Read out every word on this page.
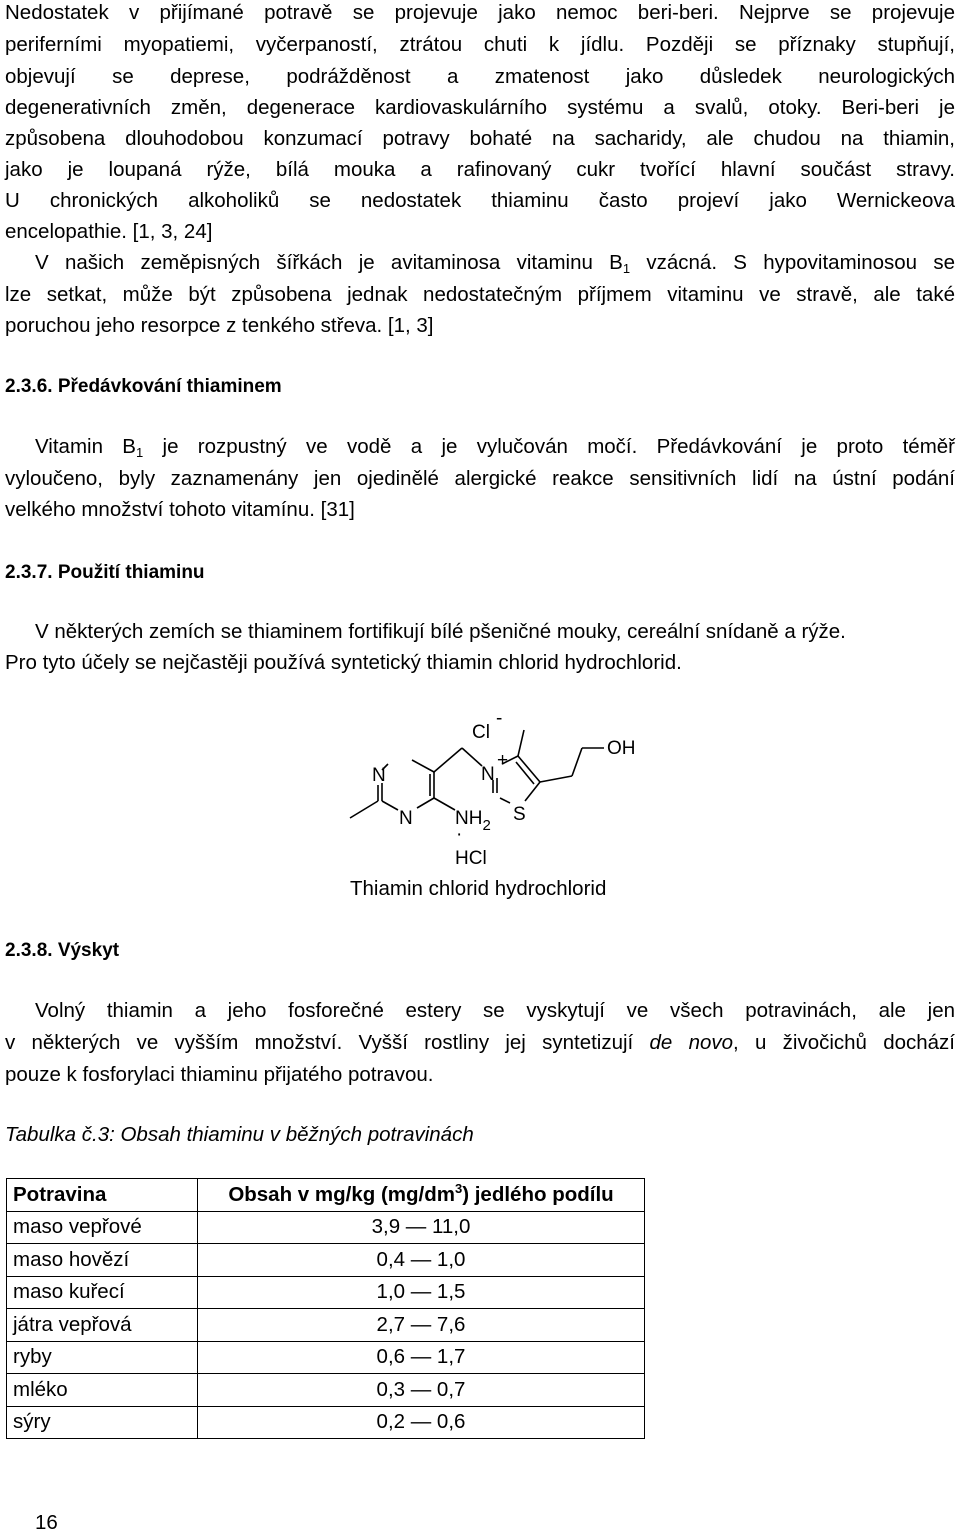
Nedostatek v přijímané potravě se projevuje jako nemoc beri-beri. Nejprve se projevuje
periferními myopatiemi, vyčerpaností, ztrátou chuti k jídlu. Později se příznaky stupňují,
objevují se deprese, podrážděnost a zmatenost jako důsledek neurologických
degenerativních změn, degenerace kardiovaskulárního systému a svalů, otoky. Beri-beri je
způsobena dlouhodobou konzumací potravy bohaté na sacharidy, ale chudou na thiamin,
jako je loupaná rýže, bílá mouka a rafinovaný cukr tvořící hlavní součást stravy.
U chronických alkoholiků se nedostatek thiaminu často projeví jako Wernickeova
encelopathie. [1, 3, 24]
V našich zeměpisných šířkách je avitaminosa vitaminu $B_1$ vzácná. S hypovitaminosou se
lze setkat, může být způsobena jednak nedostatečným příjmem vitaminu ve stravě, ale také
poruchou jeho resorpce z tenkého střeva. [1, 3]
2.3.6. Předávkování thiaminem
Vitamin $B_1$ je rozpustný ve vodě a je vylučován močí. Předávkování je proto téměř
vyloučeno, byly zaznamenány jen ojedinělé alergické reakce sensitivních lidí na ústní podání
velkého množství tohoto vitamínu. [31]
2.3.7. Použití thiaminu
V některých zemích se thiaminem fortifikují bílé pšeničné mouky, cereální snídaně a rýže.
Pro tyto účely se nejčastěji používá syntetický thiamin chlorid hydrochlorid.
Cl
-
+
N
N
N
S
OH
$NH_2$
·
HCl
Thiamin chlorid hydrochlorid
2.3.8. Výskyt
Volný thiamin a jeho fosforečné estery se vyskytují ve všech potravinách, ale jen
v některých ve vyšším množství. Vyšší rostliny jej syntetizují de novo, u živočichů dochází
pouze k fosforylaci thiaminu přijatého potravou.
Tabulka č.3: Obsah thiaminu v běžných potravinách
Potravina	Obsah v mg/kg $(mg/dm^3)$ jedlého podílu
maso vepřové	3,9 — 11,0
maso hovězí	0,4 — 1,0
maso kuřecí	1,0 — 1,5
játra vepřová	2,7 — 7,6
ryby	0,6 — 1,7
mléko	0,3 — 0,7
sýry	0,2 — 0,6
16
